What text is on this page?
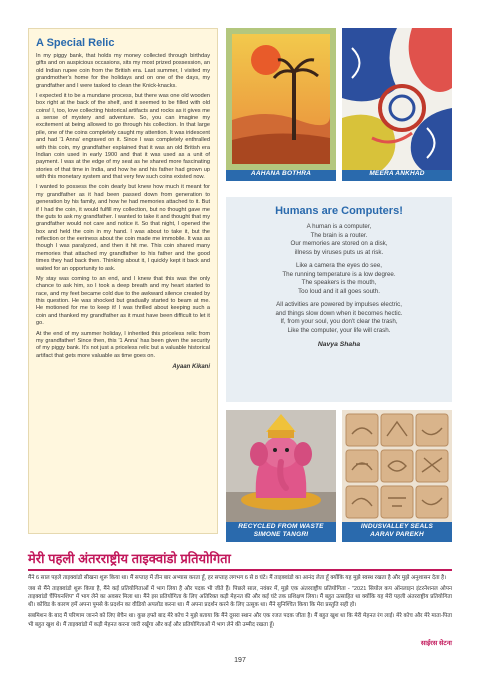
A Special Relic

In my piggy bank, that holds my money collected through birthday gifts and on auspicious occasions, sits my most prized possession, an old Indian rupee coin from the British era. Last summer, I visited my grandmother's home for the holidays and on one of the days, my grandfather and I were tasked to clean the Knick-knacks.

I expected it to be a mundane process, but there was one old wooden box right at the back of the shelf, and it seemed to be filled with old coins! I, too, love collecting historical artifacts and rocks as it gives me a sense of mystery and adventure. So, you can imagine my excitement at being allowed to go through his collection. In that large pile, one of the coins completely caught my attention. It was iridescent and had '1 Anna' engraved on it. Since I was completely enthralled with this coin, my grandfather explained that it was an old British era Indian coin used in early 1900 and that it was used as a unit of payment. I was at the edge of my seat as he shared more fascinating stories of that time in India, and how he and his father had grown up with this monetary system and that very few such coins existed now.

I wanted to possess the coin dearly but knew how much it meant for my grandfather as it had been passed down from generation to generation by his family, and how he had memories attached to it. But if I had the coin, it would fulfill my collection, but no thought gave me the guts to ask my grandfather. I wanted to take it and thought that my grandfather would not care and notice it. So that night, I opened the box and held the coin in my hand. I was about to take it, but the reflection or the eeriness about the coin made me immobile. It was as though I was paralyzed, and then it hit me. This coin shared many memories that attached my grandfather to his father and the good times they had back then. Thinking about it, I quickly kept it back and waited for an opportunity to ask.

My stay was coming to an end, and I knew that this was the only chance to ask him, so I took a deep breath and my heart started to race, and my feet became cold due to the awkward silence created by this question. He was shocked but gradually started to beam at me. He motioned for me to keep it! I was thrilled about keeping such a coin and thanked my grandfather as it must have been difficult to let it go.

At the end of my summer holiday, I inherited this priceless relic from my grandfather! Since then, this '1 Anna' has been given the security of my piggy bank. It's not just a priceless relic but a valuable historical artifact that gets more valuable as time goes on.

Ayaan Kikani
AAHANA BOTHRA	MEERA ANKHAD
Humans are Computers!
A human is a computer,
The brain is a router.
Our memories are stored on a disk,
illness by viruses puts us at risk.
Like a camera the eyes do see,
The running temperature is a low degree.
The speakers is the mouth,
Too loud and it all goes south.
All activities are powered by impulses electric,
and things slow down when it becomes hectic.
If, from your soul, you don't clear the trash,
Like the computer, your life will crash.
Navya Shaha
RECYCLED FROM WASTE
SIMONE TANGRI
INDUSVALLEY SEALS
AARAV PAREKH
मेरी पहली अंतरराष्ट्रीय ताइक्वांडो प्रतियोगिता

मैंने 6 साल पहले ताइक्वांडो सीखना शुरू किया था। मैं सप्ताह में तीन बार अभ्यास करता हूँ, हर सप्ताह लगभग 6 से 8 घंटे। मैं ताइक्वांडो का आनंद लेता हूँ क्योंकि यह मुझे स्वस्थ रखता है और मुझे अनुशासन देता है।

जब से मैंने ताइक्वांडो शुरू किया है, मैंने कई प्रतियोगिताओं में भाग लिया है और पदक भी जीते हैं। पिछले साल, नवंबर में, मुझे एक अंतरराष्ट्रीय प्रतियोगिता - "2021 सियोल कप ऑनलाइन इंटरनेशनल ओपन ताइक्वांडो चैंपियनशिप" में भाग लेने का अवसर मिला था। मैंने इस प्रतियोगिता के लिए अतिरिक्त कड़ी मेहनत की और कई घंटे तक प्रशिक्षण लिया। मैं बहुत उत्साहित था क्योंकि यह मेरी पहली अंतरराष्ट्रीय प्रतियोगिता थी। कोविड के कारण हमें अपना पूमसे के प्रदर्शन का वीडियो अपलोड करना था। मैं अपना प्रदर्शन करने के लिए उत्सुक था। मैंने सुनिश्चित किया कि मेरा प्रस्तुति सही हो।

सबमिशन के बाद मैं परिणाम जानने को लिए बेचैन था। कुछ हफ्ते बाद मेरे कोच ने मुझे बताया कि मैंने दूसरा स्थान और एक रजत पदक जीता है। मैं बहुत खुश था कि मेरी मेहनत रंग लाई। मेरे कोच और मेरे माता-पिता भी बहुत खुश थे। मैं ताइक्वांडो में कड़ी मेहनत करना जारी रखूँगा और कई और प्रतियोगिताओं में भाग लेने की उम्मीद रखता हूँ।

साईरस सेटना
197
